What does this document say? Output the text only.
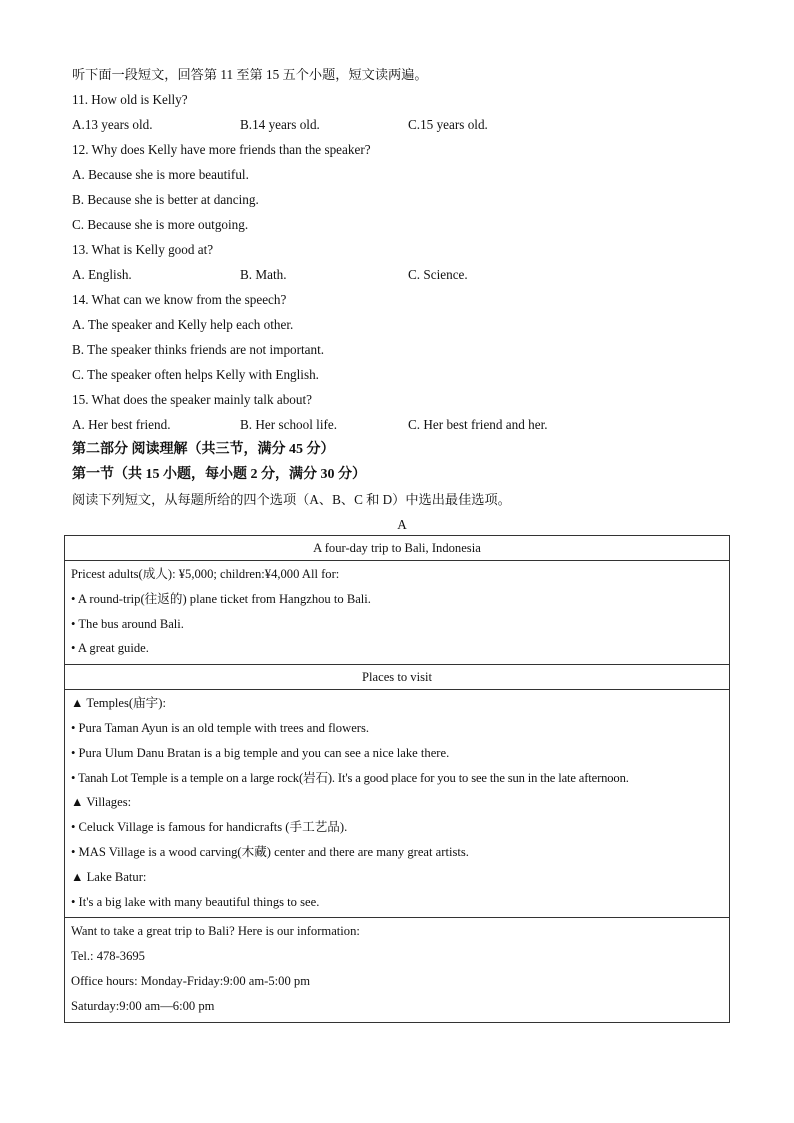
听下面一段短文，回答第 11 至第 15 五个小题，短文读两遍。
11. How old is Kelly?
A.13 years old.	B.14 years old.	C.15 years old.
12. Why does Kelly have more friends than the speaker?
A. Because she is more beautiful.
B. Because she is better at dancing.
C. Because she is more outgoing.
13. What is Kelly good at?
A. English.	B. Math.	C. Science.
14. What can we know from the speech?
A. The speaker and Kelly help each other.
B. The speaker thinks friends are not important.
C. The speaker often helps Kelly with English.
15. What does the speaker mainly talk about?
A. Her best friend.	B. Her school life.	C. Her best friend and her.
第二部分 阅读理解（共三节，满分 45 分）
第一节（共 15 小题，每小题 2 分，满分 30 分）
阅读下列短文，从每题所给的四个选项（A、B、C 和 D）中选出最佳选项。
A
A four-day trip to Bali, Indonesia

Pricest adults(成人): ¥5,000; children:¥4,000 All for:
• A round-trip(往返的) plane ticket from Hangzhou to Bali.
• The bus around Bali.
• A great guide.

Places to visit

▲ Temples(庙宇):
• Pura Taman Ayun is an old temple with trees and flowers.
• Pura Ulum Danu Bratan is a big temple and you can see a nice lake there.
• Tanah Lot Temple is a temple on a large rock(岩石). It's a good place for you to see the sun in the late afternoon.
▲ Villages:
• Celuck Village is famous for handicrafts (手工艺品).
• MAS Village is a wood carving(木藏) center and there are many great artists.
▲ Lake Batur:
• It's a big lake with many beautiful things to see.

Want to take a great trip to Bali? Here is our information:
Tel.: 478-3695
Office hours: Monday-Friday:9:00 am-5:00 pm
Saturday:9:00 am—6:00 pm
